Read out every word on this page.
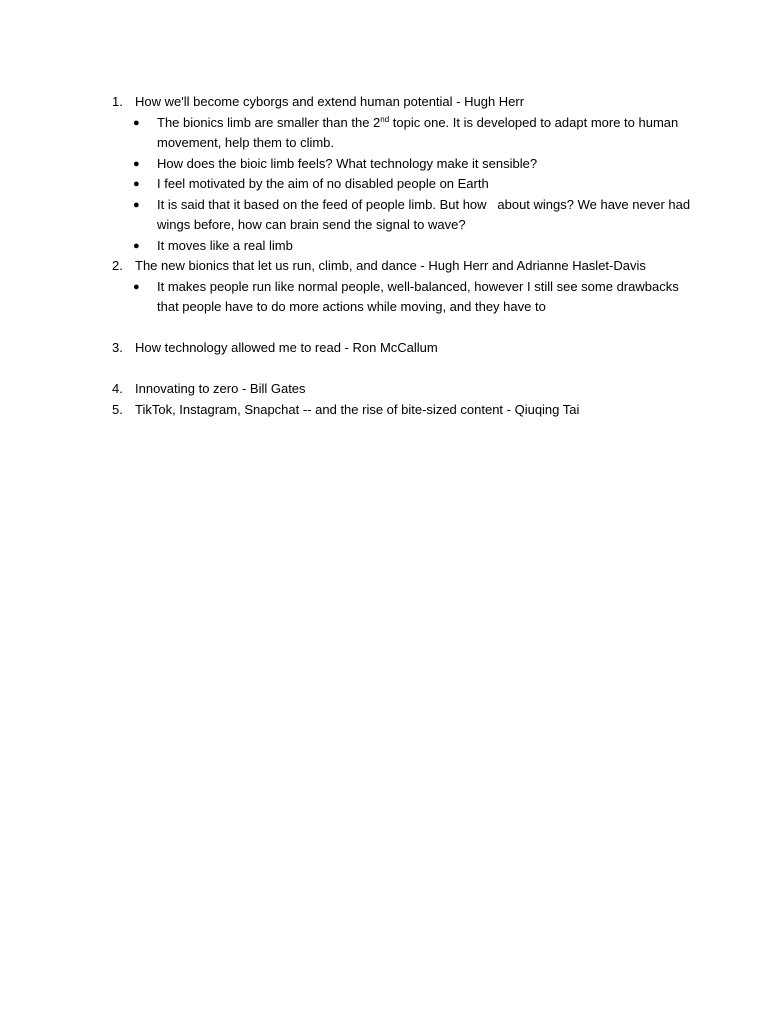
1. How we'll become cyborgs and extend human potential - Hugh Herr
● The bionics limb are smaller than the 2nd topic one. It is developed to adapt more to human movement, help them to climb.
● How does the bioic limb feels? What technology make it sensible?
● I feel motivated by the aim of no disabled people on Earth
● It is said that it based on the feed of people limb. But how   about wings? We have never had wings before, how can brain send the signal to wave?
● It moves like a real limb
2. The new bionics that let us run, climb, and dance - Hugh Herr and Adrianne Haslet-Davis
● It makes people run like normal people, well-balanced, however I still see some drawbacks that people have to do more actions while moving, and they have to
3. How technology allowed me to read - Ron McCallum
4. Innovating to zero - Bill Gates
5. TikTok, Instagram, Snapchat -- and the rise of bite-sized content - Qiuqing Tai
